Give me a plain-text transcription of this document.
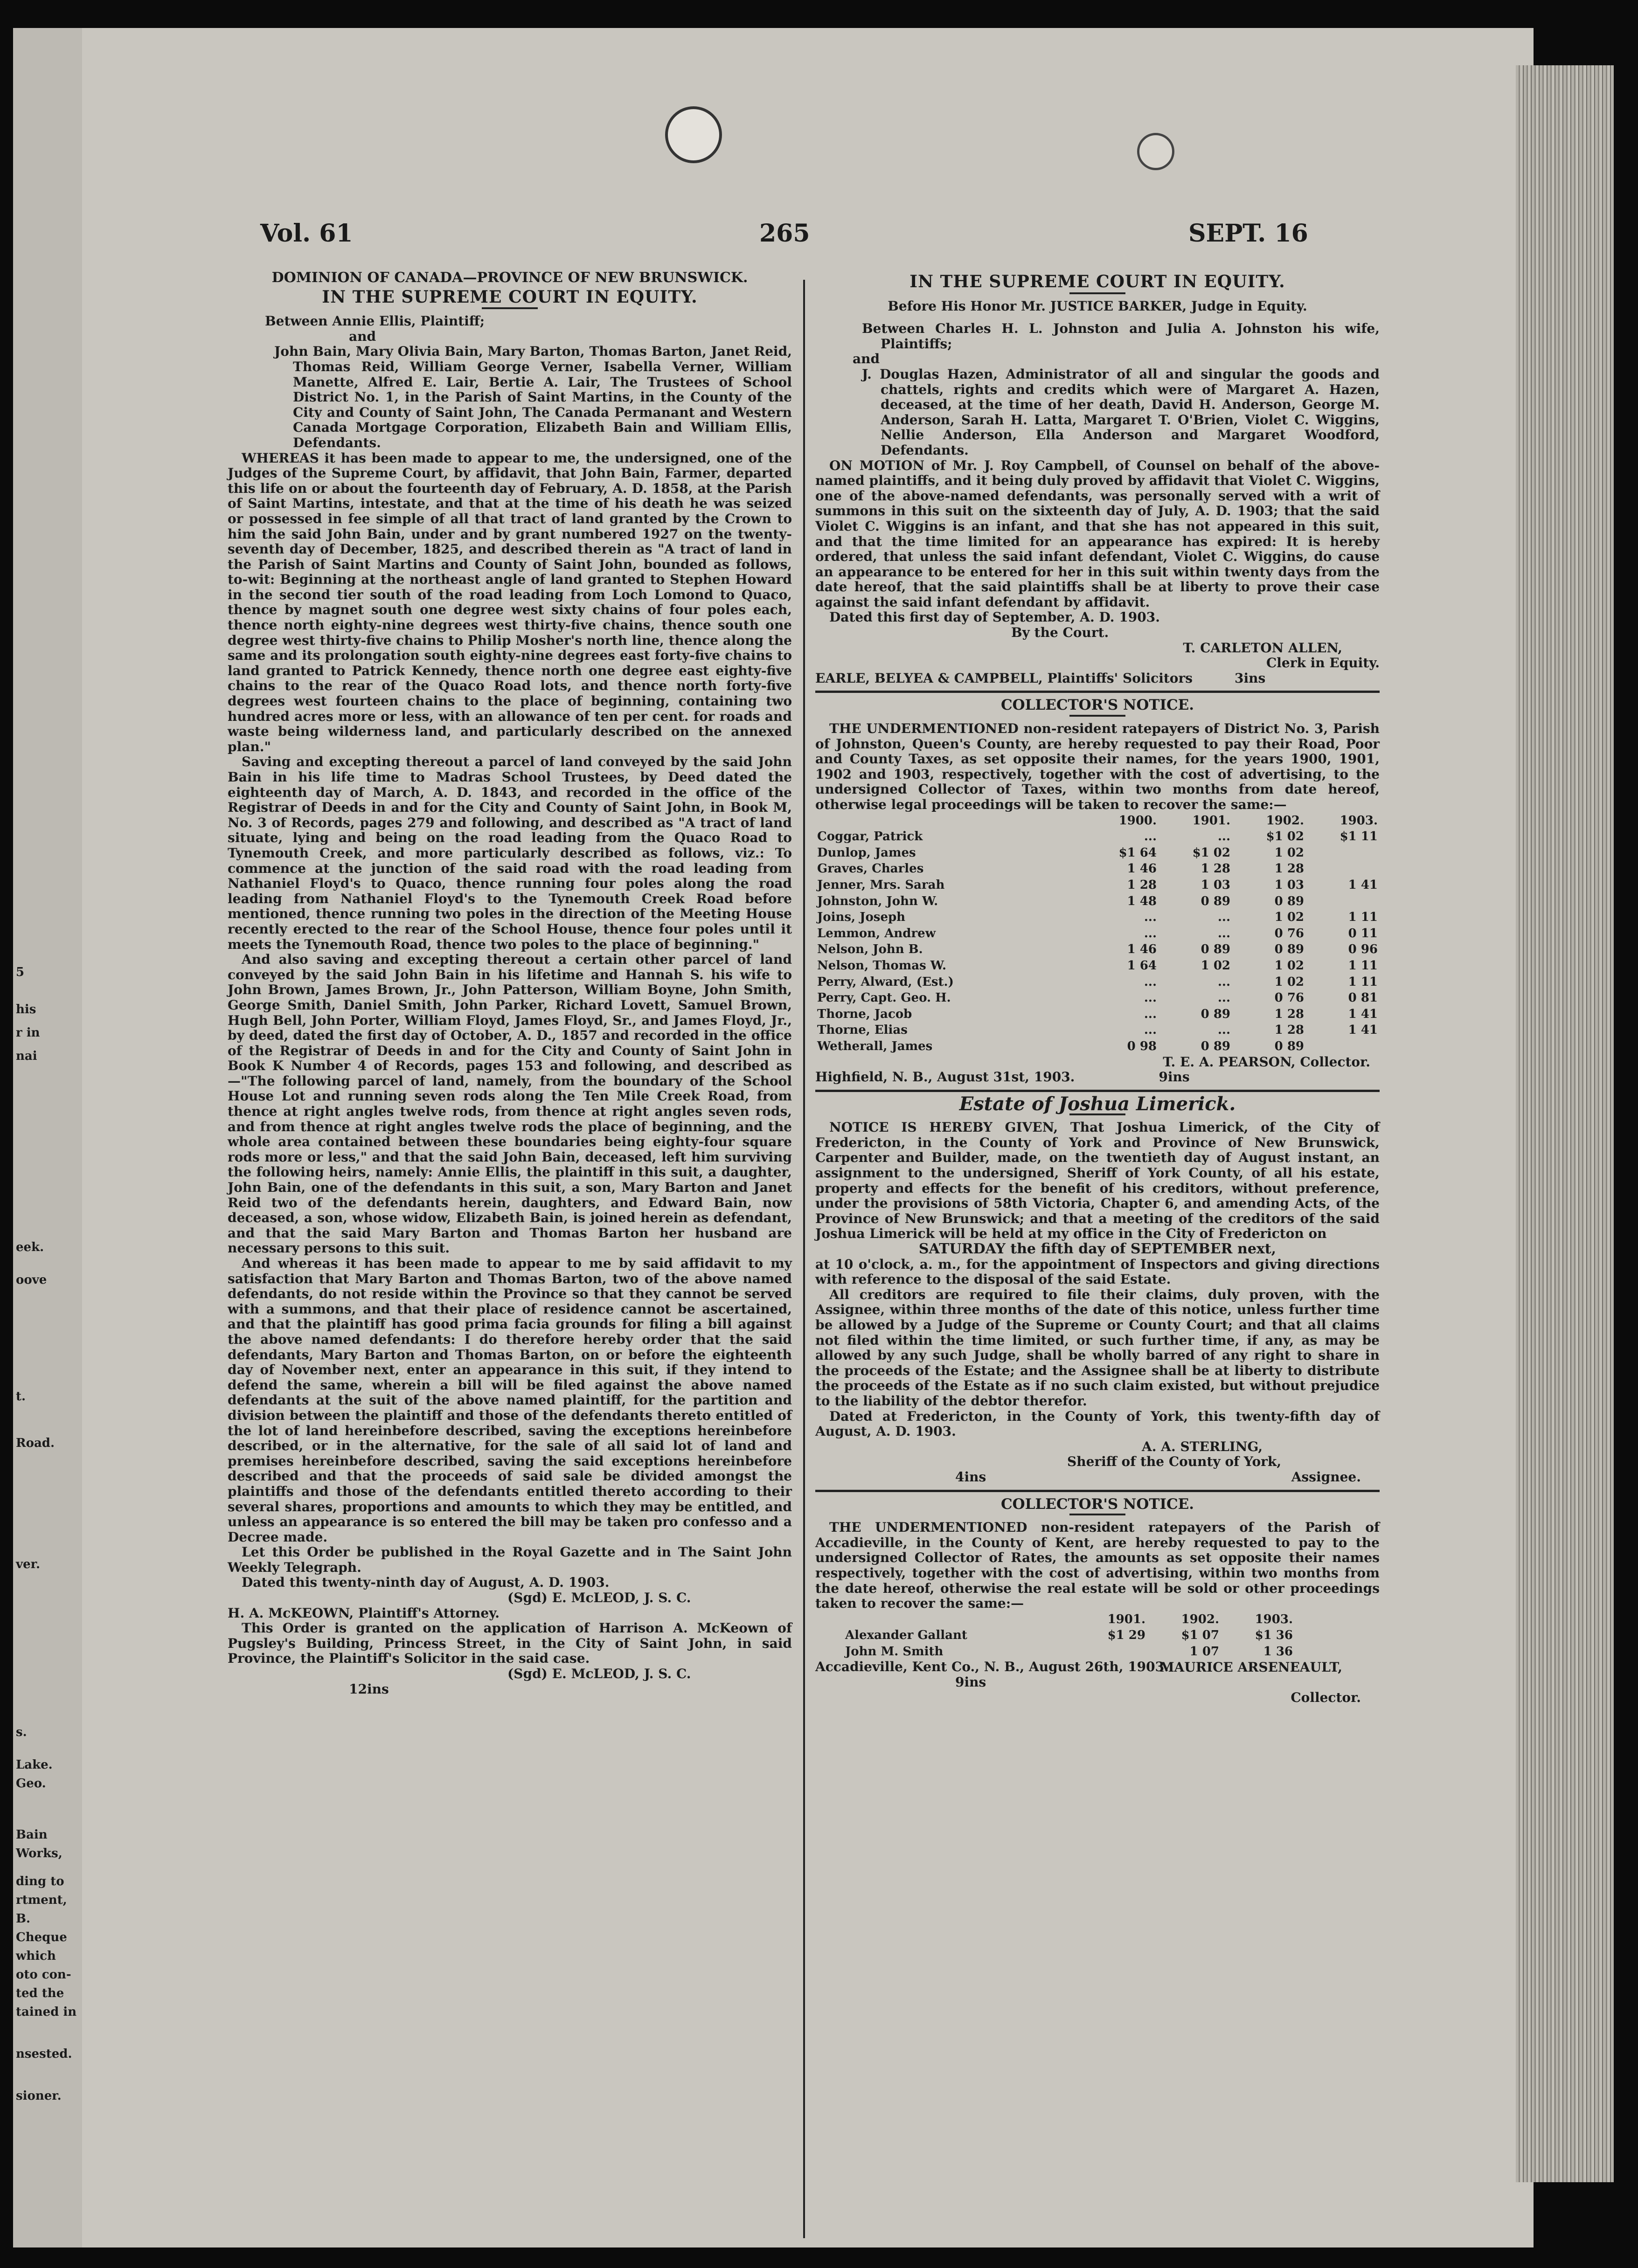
5
his
r in
nai
eek.
oove
t.
Road.
ver.
s.
Lake.
Geo.
Bain
Works,
ding to
rtment,
B.
Cheque
which
oto con-
ted the
tained in
nsested.
sioner.
Vol. 61	265	SEPT. 16

DOMINION OF CANADA—PROVINCE OF NEW BRUNSWICK.

IN THE SUPREME COURT IN EQUITY.

Between Annie Ellis, Plaintiff;

and

John Bain, Mary Olivia Bain, Mary Barton, Thomas Barton, Janet Reid, Thomas Reid, William George Verner, Isabella Verner, William Manette, Alfred E. Lair, Bertie A. Lair, The Trustees of School District No. 1, in the Parish of Saint Martins, in the County of the City and County of Saint John, The Canada Permanant and Western Canada Mortgage Corporation, Elizabeth Bain and William Ellis, Defendants.

WHEREAS it has been made to appear to me, the undersigned, one of the Judges of the Supreme Court, by affidavit, that John Bain, Farmer, departed this life on or about the fourteenth day of February, A. D. 1858, at the Parish of Saint Martins, intestate, and that at the time of his death he was seized or possessed in fee simple of all that tract of land granted by the Crown to him the said John Bain, under and by grant numbered 1927 on the twenty-seventh day of December, 1825, and described therein as "A tract of land in the Parish of Saint Martins and County of Saint John, bounded as follows, to-wit: Beginning at the northeast angle of land granted to Stephen Howard in the second tier south of the road leading from Loch Lomond to Quaco, thence by magnet south one degree west sixty chains of four poles each, thence north eighty-nine degrees west thirty-five chains, thence south one degree west thirty-five chains to Philip Mosher's north line, thence along the same and its prolongation south eighty-nine degrees east forty-five chains to land granted to Patrick Kennedy, thence north one degree east eighty-five chains to the rear of the Quaco Road lots, and thence north forty-five degrees west fourteen chains to the place of beginning, containing two hundred acres more or less, with an allowance of ten per cent. for roads and waste being wilderness land, and particularly described on the annexed plan."

Saving and excepting thereout a parcel of land conveyed by the said John Bain in his life time to Madras School Trustees, by Deed dated the eighteenth day of March, A. D. 1843, and recorded in the office of the Registrar of Deeds in and for the City and County of Saint John, in Book M, No. 3 of Records, pages 279 and following, and described as "A tract of land situate, lying and being on the road leading from the Quaco Road to Tynemouth Creek, and more particularly described as follows, viz.: To commence at the junction of the said road with the road leading from Nathaniel Floyd's to Quaco, thence running four poles along the road leading from Nathaniel Floyd's to the Tynemouth Creek Road before mentioned, thence running two poles in the direction of the Meeting House recently erected to the rear of the School House, thence four poles until it meets the Tynemouth Road, thence two poles to the place of beginning."

And also saving and excepting thereout a certain other parcel of land conveyed by the said John Bain in his lifetime and Hannah S. his wife to John Brown, James Brown, Jr., John Patterson, William Boyne, John Smith, George Smith, Daniel Smith, John Parker, Richard Lovett, Samuel Brown, Hugh Bell, John Porter, William Floyd, James Floyd, Sr., and James Floyd, Jr., by deed, dated the first day of October, A. D., 1857 and recorded in the office of the Registrar of Deeds in and for the City and County of Saint John in Book K Number 4 of Records, pages 153 and following, and described as—"The following parcel of land, namely, from the boundary of the School House Lot and running seven rods along the Ten Mile Creek Road, from thence at right angles twelve rods, from thence at right angles seven rods, and from thence at right angles twelve rods the place of beginning, and the whole area contained between these boundaries being eighty-four square rods more or less," and that the said John Bain, deceased, left him surviving the following heirs, namely: Annie Ellis, the plaintiff in this suit, a daughter, John Bain, one of the defendants in this suit, a son, Mary Barton and Janet Reid two of the defendants herein, daughters, and Edward Bain, now deceased, a son, whose widow, Elizabeth Bain, is joined herein as defendant, and that the said Mary Barton and Thomas Barton her husband are necessary persons to this suit.

And whereas it has been made to appear to me by said affidavit to my satisfaction that Mary Barton and Thomas Barton, two of the above named defendants, do not reside within the Province so that they cannot be served with a summons, and that their place of residence cannot be ascertained, and that the plaintiff has good prima facia grounds for filing a bill against the above named defendants: I do therefore hereby order that the said defendants, Mary Barton and Thomas Barton, on or before the eighteenth day of November next, enter an appearance in this suit, if they intend to defend the same, wherein a bill will be filed against the above named defendants at the suit of the above named plaintiff, for the partition and division between the plaintiff and those of the defendants thereto entitled of the lot of land hereinbefore described, saving the exceptions hereinbefore described, or in the alternative, for the sale of all said lot of land and premises hereinbefore described, saving the said exceptions hereinbefore described and that the proceeds of said sale be divided amongst the plaintiffs and those of the defendants entitled thereto according to their several shares, proportions and amounts to which they may be entitled, and unless an appearance is so entered the bill may be taken pro confesso and a Decree made.

Let this Order be published in the Royal Gazette and in The Saint John Weekly Telegraph.

Dated this twenty-ninth day of August, A. D. 1903.

(Sgd) E. McLEOD, J. S. C.

H. A. McKEOWN, Plaintiff's Attorney.

This Order is granted on the application of Harrison A. McKeown of Pugsley's Building, Princess Street, in the City of Saint John, in said Province, the Plaintiff's Solicitor in the said case.

(Sgd) E. McLEOD, J. S. C.

12ins

IN THE SUPREME COURT IN EQUITY.

Before His Honor Mr. JUSTICE BARKER, Judge in Equity.

Between Charles H. L. Johnston and Julia A. Johnston his wife, Plaintiffs;

and

J. Douglas Hazen, Administrator of all and singular the goods and chattels, rights and credits which were of Margaret A. Hazen, deceased, at the time of her death, David H. Anderson, George M. Anderson, Sarah H. Latta, Margaret T. O'Brien, Violet C. Wiggins, Nellie Anderson, Ella Anderson and Margaret Woodford, Defendants.

ON MOTION of Mr. J. Roy Campbell, of Counsel on behalf of the above-named plaintiffs, and it being duly proved by affidavit that Violet C. Wiggins, one of the above-named defendants, was personally served with a writ of summons in this suit on the sixteenth day of July, A. D. 1903; that the said Violet C. Wiggins is an infant, and that she has not appeared in this suit, and that the time limited for an appearance has expired: It is hereby ordered, that unless the said infant defendant, Violet C. Wiggins, do cause an appearance to be entered for her in this suit within twenty days from the date hereof, that the said plaintiffs shall be at liberty to prove their case against the said infant defendant by affidavit.

Dated this first day of September, A. D. 1903.

By the Court.

T. CARLETON ALLEN,

Clerk in Equity.

EARLE, BELYEA & CAMPBELL, Plaintiffs' Solicitors	3ins

COLLECTOR'S NOTICE.

THE UNDERMENTIONED non-resident ratepayers of District No. 3, Parish of Johnston, Queen's County, are hereby requested to pay their Road, Poor and County Taxes, as set opposite their names, for the years 1900, 1901, 1902 and 1903, respectively, together with the cost of advertising, to the undersigned Collector of Taxes, within two months from date hereof, otherwise legal proceedings will be taken to recover the same:—

	1900.	1901.	1902.	1903.
Coggar, Patrick	...	...	$1 02	$1 11
Dunlop, James	$1 64	$1 02	1 02	
Graves, Charles	1 46	1 28	1 28	
Jenner, Mrs. Sarah	1 28	1 03	1 03	1 41
Johnston, John W.	1 48	0 89	0 89	
Joins, Joseph	...	...	1 02	1 11
Lemmon, Andrew	...	...	0 76	0 11
Nelson, John B.	1 46	0 89	0 89	0 96
Nelson, Thomas W.	1 64	1 02	1 02	1 11
Perry, Alward, (Est.)	...	...	1 02	1 11
Perry, Capt. Geo. H.	...	...	0 76	0 81
Thorne, Jacob	...	0 89	1 28	1 41
Thorne, Elias	...	...	1 28	1 41
Wetherall, James	0 98	0 89	0 89	

T. E. A. PEARSON, Collector.

Highfield, N. B., August 31st, 1903.	9ins

Estate of Joshua Limerick.

NOTICE IS HEREBY GIVEN, That Joshua Limerick, of the City of Fredericton, in the County of York and Province of New Brunswick, Carpenter and Builder, made, on the twentieth day of August instant, an assignment to the undersigned, Sheriff of York County, of all his estate, property and effects for the benefit of his creditors, without preference, under the provisions of 58th Victoria, Chapter 6, and amending Acts, of the Province of New Brunswick; and that a meeting of the creditors of the said Joshua Limerick will be held at my office in the City of Fredericton on

SATURDAY the fifth day of SEPTEMBER next,

at 10 o'clock, a. m., for the appointment of Inspectors and giving directions with reference to the disposal of the said Estate.

All creditors are required to file their claims, duly proven, with the Assignee, within three months of the date of this notice, unless further time be allowed by a Judge of the Supreme or County Court; and that all claims not filed within the time limited, or such further time, if any, as may be allowed by any such Judge, shall be wholly barred of any right to share in the proceeds of the Estate; and the Assignee shall be at liberty to distribute the proceeds of the Estate as if no such claim existed, but without prejudice to the liability of the debtor therefor.

Dated at Fredericton, in the County of York, this twenty-fifth day of August, A. D. 1903.

A. A. STERLING,

Sheriff of the County of York,

4ins	Assignee.

COLLECTOR'S NOTICE.

THE UNDERMENTIONED non-resident ratepayers of the Parish of Accadieville, in the County of Kent, are hereby requested to pay to the undersigned Collector of Rates, the amounts as set opposite their names respectively, together with the cost of advertising, within two months from the date hereof, otherwise the real estate will be sold or other proceedings taken to recover the same:—

	1901.	1902.	1903.
Alexander Gallant	$1 29	$1 07	$1 36
John M. Smith		1 07	1 36

Accadieville, Kent Co., N. B., August 26th, 1903.

9ins
MAURICE ARSENEAULT,

Collector.
